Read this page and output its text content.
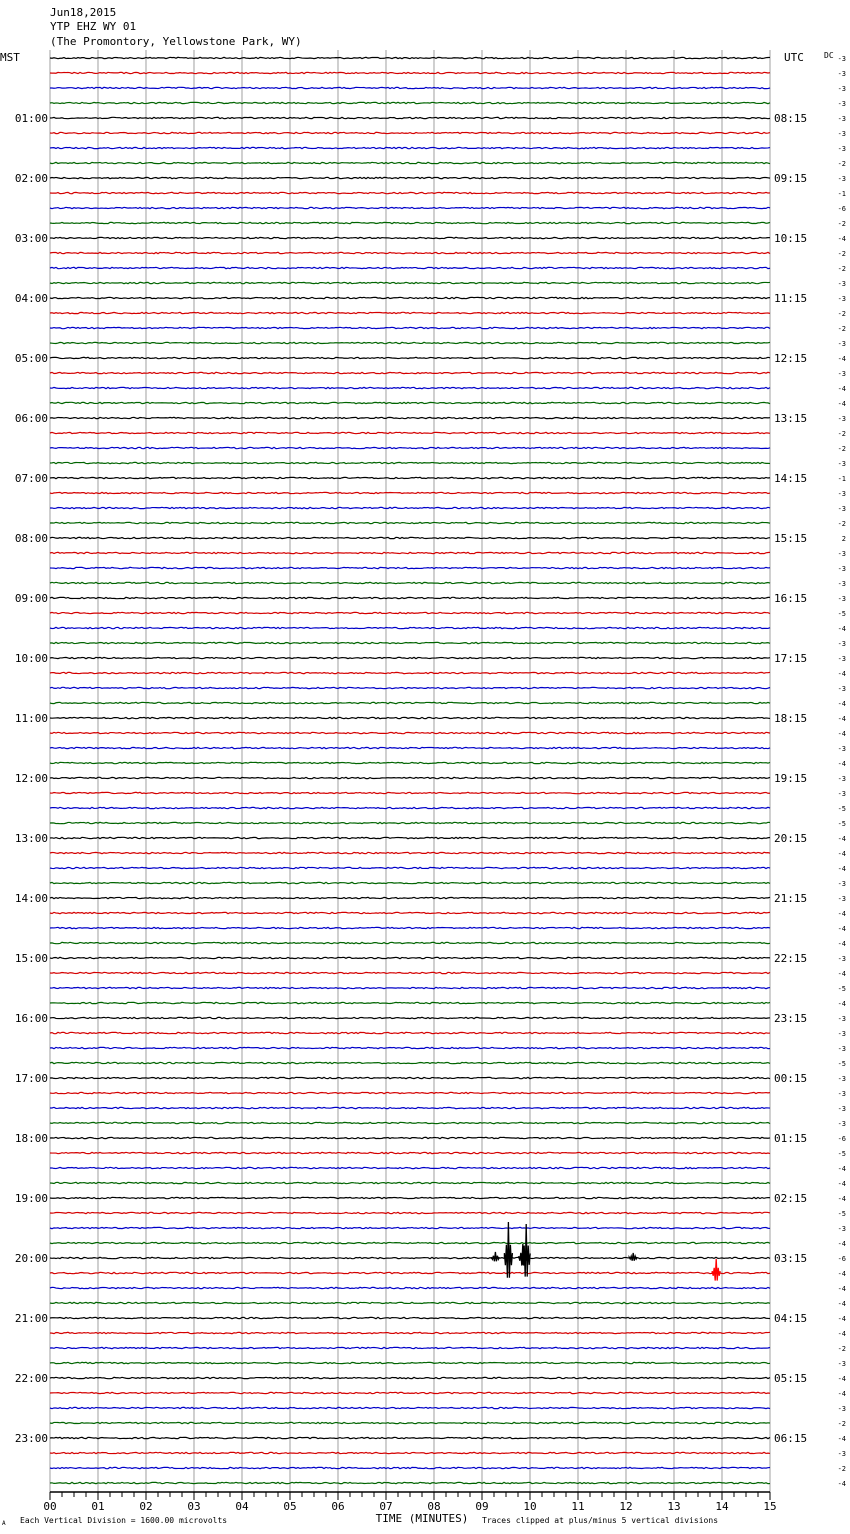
Jun18,2015
YTP EHZ WY 01
(The Promontory, Yellowstone Park, WY)
MST	UTC	DC
01:00
02:00
03:00
04:00
05:00
06:00
07:00
08:00
09:00
10:00
11:00
12:00
13:00
14:00
15:00
16:00
17:00
18:00
19:00
20:00
21:00
22:00
23:00
08:15
09:15
10:15
11:15
12:15
13:15
14:15
15:15
16:15
17:15
18:15
19:15
20:15
21:15
22:15
23:15
00:15
01:15
02:15
03:15
04:15
05:15
06:15
-3
-3
-3
-3
-3
-3
-3
-2
-3
-1
-6
-2
-4
-2
-2
-3
-3
-2
-2
-3
-4
-3
-4
-4
-3
-2
-2
-3
-1
-3
-3
-2
2
-3
-3
-3
-3
-5
-4
-3
-3
-4
-3
-4
-4
-4
-3
-4
-3
-3
-5
-5
-4
-4
-4
-3
-3
-4
-4
-4
-3
-4
-5
-4
-3
-3
-3
-5
-3
-3
-3
-3
-6
-5
-4
-4
-4
-5
-3
-4
-6
-4
-4
-4
-4
-4
-2
-3
-4
-4
-3
-2
-4
-3
-2
-4
00	01	02	03	04	05	06	07	08	09	10	11	12	13	14	15
TIME (MINUTES)
Each Vertical Division = 1600.00 microvolts	Traces clipped at plus/minus 5 vertical divisions
A
